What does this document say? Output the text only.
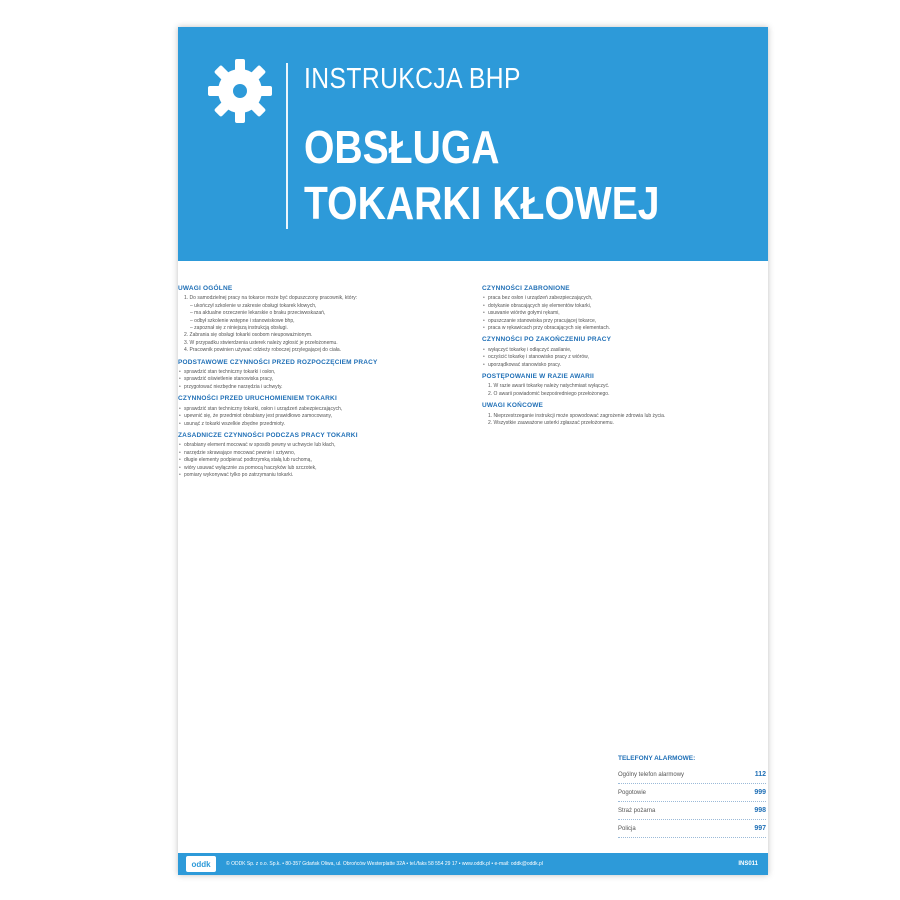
INSTRUKCJA BHP
OBSŁUGA
TOKARKI KŁOWEJ
UWAGI OGÓLNE
1. Do samodzielnej pracy na tokarce może być dopuszczony pracownik, który:
– ukończył szkolenie w zakresie obsługi tokarek kłowych,
– ma aktualne orzeczenie lekarskie o braku przeciwwskazań,
– odbył szkolenie wstępne i stanowiskowe bhp,
– zapoznał się z niniejszą instrukcją obsługi.
2. Zabrania się obsługi tokarki osobom nieupoważnionym.
3. W przypadku stwierdzenia usterek należy zgłosić je przełożonemu.
4. Pracownik powinien używać odzieży roboczej przylegającej do ciała.
PODSTAWOWE CZYNNOŚCI PRZED ROZPOCZĘCIEM PRACY
• sprawdzić stan techniczny tokarki i osłon,
• sprawdzić oświetlenie stanowiska pracy,
• przygotować niezbędne narzędzia i uchwyty.
CZYNNOŚCI PRZED URUCHOMIENIEM TOKARKI
• sprawdzić stan techniczny tokarki, osłon i urządzeń zabezpieczających,
• upewnić się, że przedmiot obrabiany jest prawidłowo zamocowany,
• usunąć z tokarki wszelkie zbędne przedmioty.
ZASADNICZE CZYNNOŚCI PODCZAS PRACY TOKARKI
• obrabiany element mocować w sposób pewny w uchwycie lub kłach,
• narzędzie skrawające mocować pewnie i sztywno,
• długie elementy podpierać podtrzymką stałą lub ruchomą,
• wióry usuwać wyłącznie za pomocą haczyków lub szczotek,
• pomiary wykonywać tylko po zatrzymaniu tokarki.
CZYNNOŚCI ZABRONIONE
• praca bez osłon i urządzeń zabezpieczających,
• dotykanie obracających się elementów tokarki,
• usuwanie wiórów gołymi rękami,
• opuszczanie stanowiska przy pracującej tokarce,
• praca w rękawicach przy obracających się elementach.
CZYNNOŚCI PO ZAKOŃCZENIU PRACY
• wyłączyć tokarkę i odłączyć zasilanie,
• oczyścić tokarkę i stanowisko pracy z wiórów,
• uporządkować stanowisko pracy.
POSTĘPOWANIE W RAZIE AWARII
1. W razie awarii tokarkę należy natychmiast wyłączyć.
2. O awarii powiadomić bezpośredniego przełożonego.
UWAGI KOŃCOWE
1. Nieprzestrzeganie instrukcji może spowodować zagrożenie zdrowia lub życia.
2. Wszystkie zauważone usterki zgłaszać przełożonemu.
TELEFONY ALARMOWE:
Ogólny telefon alarmowy	112
Pogotowie	999
Straż pożarna	998
Policja	997
oddk	© ODDK Sp. z o.o. Sp.k. • 80-357 Gdańsk Oliwa, ul. Obrońców Westerplatte 32A • tel./faks 58 554 29 17 • www.oddk.pl • e-mail: oddk@oddk.pl	INS011
